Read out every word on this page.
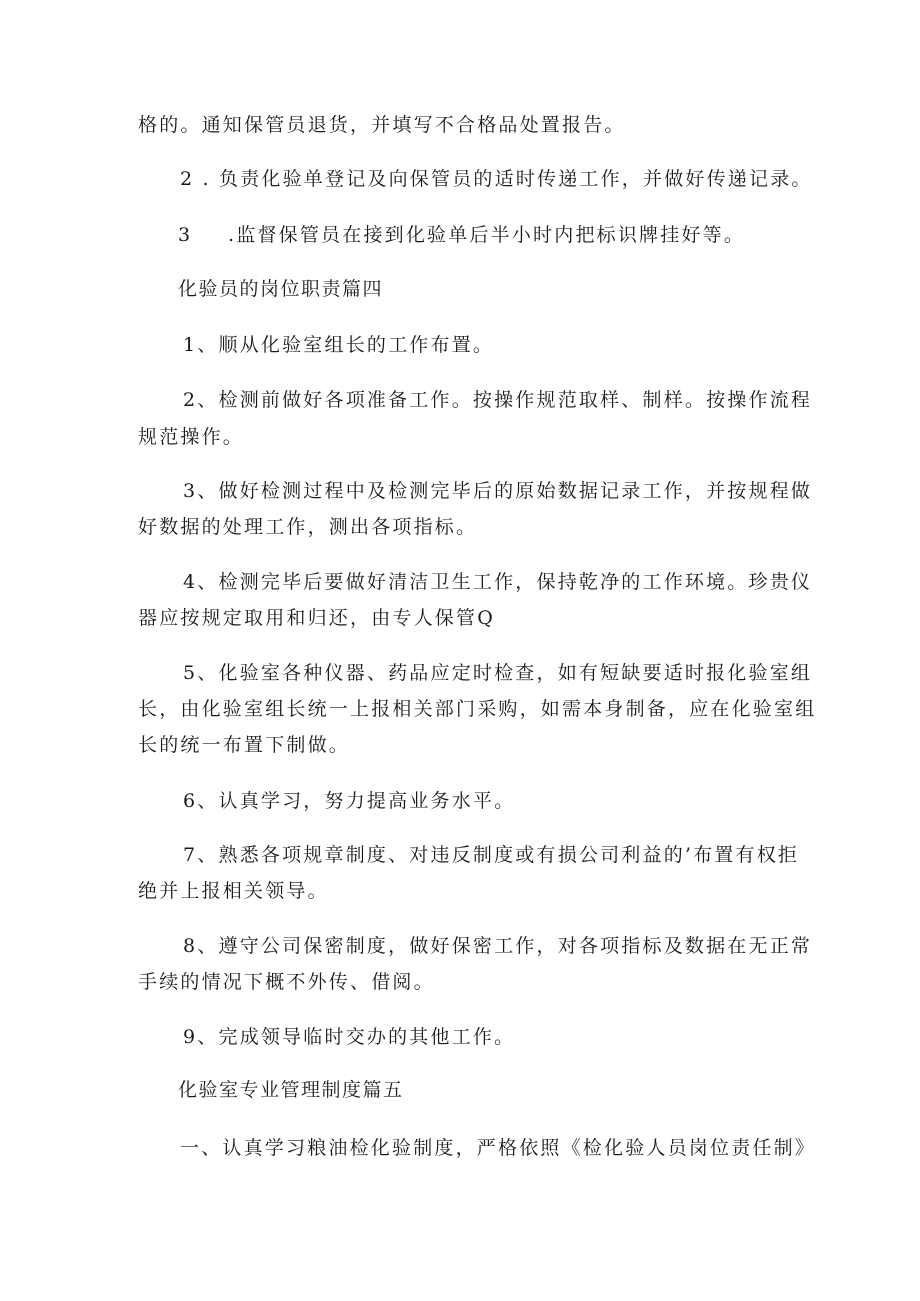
格的。通知保管员退货，并填写不合格品处置报告。
2 . 负责化验单登记及向保管员的适时传递工作，并做好传递记录。
3 .监督保管员在接到化验单后半小时内把标识牌挂好等。
化验员的岗位职责篇四
1、顺从化验室组长的工作布置。
2、检测前做好各项准备工作。按操作规范取样、制样。按操作流程
规范操作。
3、做好检测过程中及检测完毕后的原始数据记录工作，并按规程做
好数据的处理工作，测出各项指标。
4、检测完毕后要做好清洁卫生工作，保持乾净的工作环境。珍贵仪
器应按规定取用和归还，由专人保管Q
5、化验室各种仪器、药品应定时检查，如有短缺要适时报化验室组
长，由化验室组长统一上报相关部门采购，如需本身制备，应在化验室组
长的统一布置下制做。
6、认真学习，努力提高业务水平。
7、熟悉各项规章制度、对违反制度或有损公司利益的’布置有权拒
绝并上报相关领导。
8、遵守公司保密制度，做好保密工作，对各项指标及数据在无正常
手续的情况下概不外传、借阅。
9、完成领导临时交办的其他工作。
化验室专业管理制度篇五
一、认真学习粮油检化验制度，严格依照《检化验人员岗位责任制》
